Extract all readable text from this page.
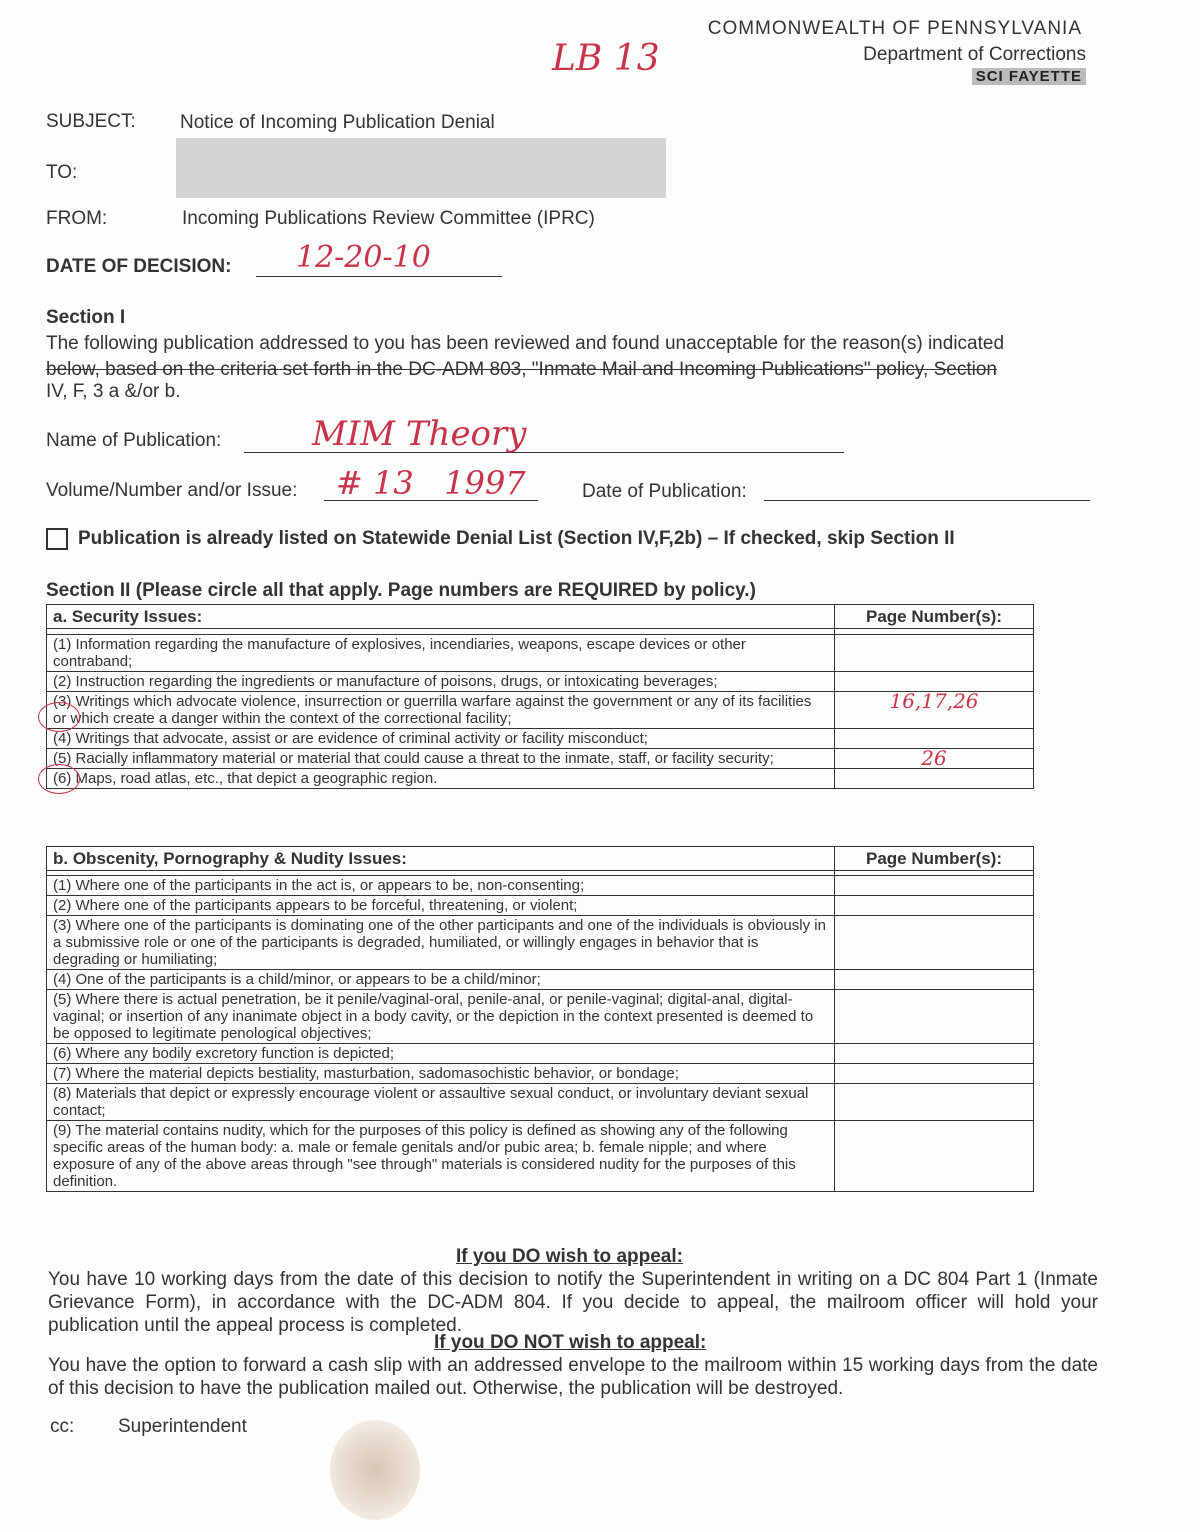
COMMONWEALTH OF PENNSYLVANIA
Department of Corrections
SCI FAYETTE
LB 13
SUBJECT: Notice of Incoming Publication Denial
TO:
FROM:	Incoming Publications Review Committee (IPRC)
DATE OF DECISION: 12-20-10
Section I
The following publication addressed to you has been reviewed and found unacceptable for the reason(s) indicated
below, based on the criteria set forth in the DC-ADM 803, "Inmate Mail and Incoming Publications" policy, Section
IV, F, 3 a &/or b.
Name of Publication:	MIM Theory
Volume/Number and/or Issue: # 13   1997	Date of Publication:
Publication is already listed on Statewide Denial List (Section IV,F,2b) – If checked, skip Section II
Section II (Please circle all that apply. Page numbers are REQUIRED by policy.)
a. Security Issues:	Page Number(s):

(1) Information regarding the manufacture of explosives, incendiaries, weapons, escape devices or other contraband;	
(2) Instruction regarding the ingredients or manufacture of poisons, drugs, or intoxicating beverages;	
(3) Writings which advocate violence, insurrection or guerrilla warfare against the government or any of its facilities or which create a danger within the context of the correctional facility;	16,17,26
(4) Writings that advocate, assist or are evidence of criminal activity or facility misconduct;	
(5) Racially inflammatory material or material that could cause a threat to the inmate, staff, or facility security;	26
(6) Maps, road atlas, etc., that depict a geographic region.	
b. Obscenity, Pornography & Nudity Issues:	Page Number(s):

(1) Where one of the participants in the act is, or appears to be, non-consenting;	
(2) Where one of the participants appears to be forceful, threatening, or violent;	
(3) Where one of the participants is dominating one of the other participants and one of the individuals is obviously in a submissive role or one of the participants is degraded, humiliated, or willingly engages in behavior that is degrading or humiliating;	
(4) One of the participants is a child/minor, or appears to be a child/minor;	
(5) Where there is actual penetration, be it penile/vaginal-oral, penile-anal, or penile-vaginal; digital-anal, digital-vaginal; or insertion of any inanimate object in a body cavity, or the depiction in the context presented is deemed to be opposed to legitimate penological objectives;	
(6) Where any bodily excretory function is depicted;	
(7) Where the material depicts bestiality, masturbation, sadomasochistic behavior, or bondage;	
(8) Materials that depict or expressly encourage violent or assaultive sexual conduct, or involuntary deviant sexual contact;	
(9) The material contains nudity, which for the purposes of this policy is defined as showing any of the following specific areas of the human body: a. male or female genitals and/or pubic area; b. female nipple; and where exposure of any of the above areas through "see through" materials is considered nudity for the purposes of this definition.	
If you DO wish to appeal:
You have 10 working days from the date of this decision to notify the Superintendent in writing on a DC 804 Part 1 (Inmate Grievance Form), in accordance with the DC-ADM 804. If you decide to appeal, the mailroom officer will hold your publication until the appeal process is completed.
If you DO NOT wish to appeal:
You have the option to forward a cash slip with an addressed envelope to the mailroom within 15 working days from the date of this decision to have the publication mailed out. Otherwise, the publication will be destroyed.
cc: Superintendent
